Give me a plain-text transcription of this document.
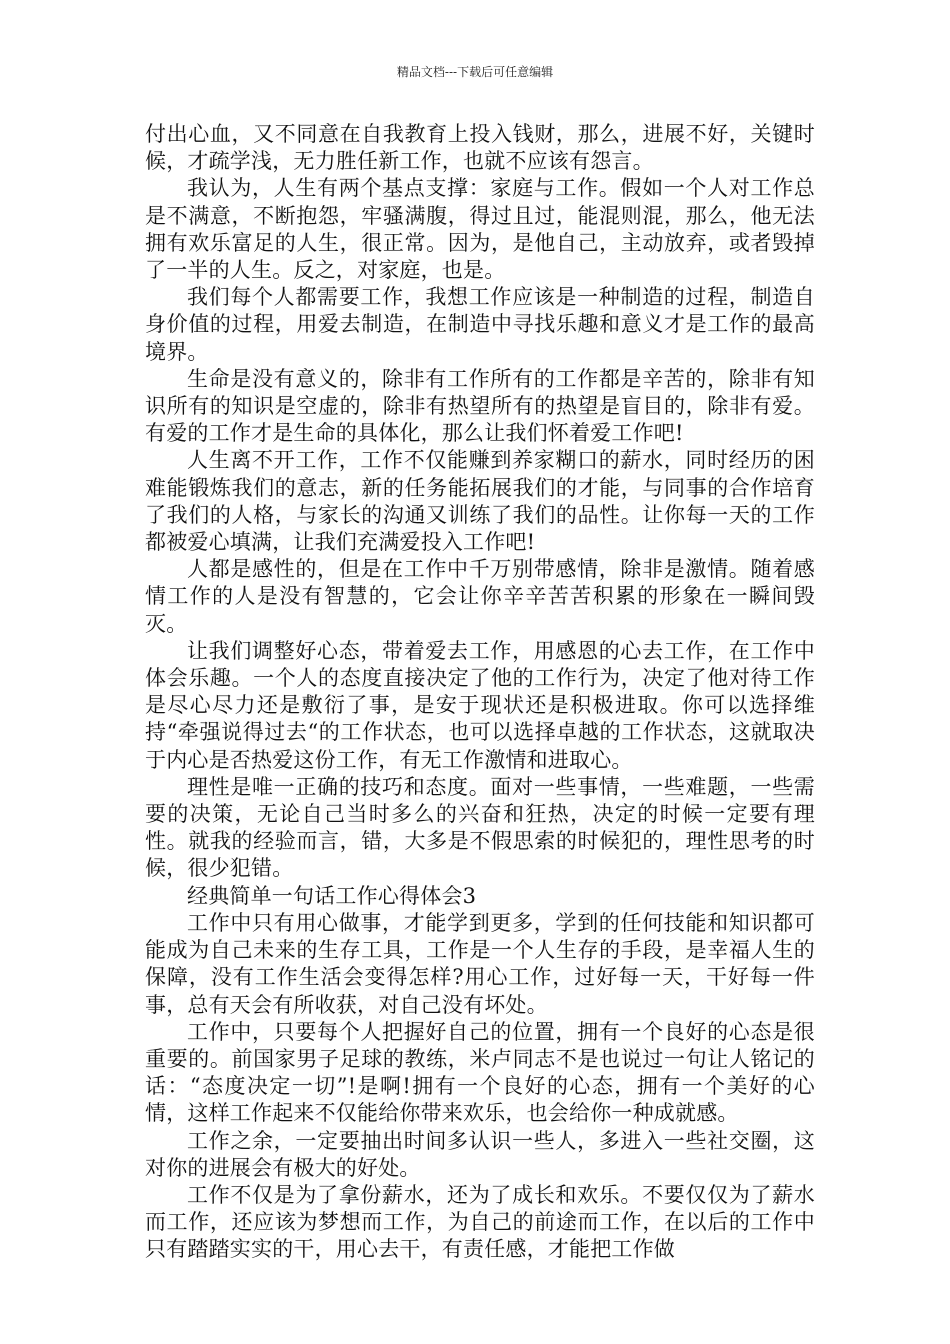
精品文档---下载后可任意编辑

付出心血，又不同意在自我教育上投入钱财，那么，进展不好，关键时候，才疏学浅，无力胜任新工作，也就不应该有怨言。

我认为，人生有两个基点支撑：家庭与工作。假如一个人对工作总是不满意，不断抱怨，牢骚满腹，得过且过，能混则混，那么，他无法拥有欢乐富足的人生，很正常。因为，是他自己，主动放弃，或者毁掉了一半的人生。反之，对家庭，也是。

我们每个人都需要工作，我想工作应该是一种制造的过程，制造自身价值的过程，用爱去制造，在制造中寻找乐趣和意义才是工作的最高境界。

生命是没有意义的，除非有工作所有的工作都是辛苦的，除非有知识所有的知识是空虚的，除非有热望所有的热望是盲目的，除非有爱。有爱的工作才是生命的具体化，那么让我们怀着爱工作吧!

人生离不开工作，工作不仅能赚到养家糊口的薪水，同时经历的困难能锻炼我们的意志，新的任务能拓展我们的才能，与同事的合作培育了我们的人格，与家长的沟通又训练了我们的品性。让你每一天的工作都被爱心填满，让我们充满爱投入工作吧!

人都是感性的，但是在工作中千万别带感情，除非是激情。随着感情工作的人是没有智慧的，它会让你辛辛苦苦积累的形象在一瞬间毁灭。

让我们调整好心态，带着爱去工作，用感恩的心去工作，在工作中体会乐趣。一个人的态度直接决定了他的工作行为，决定了他对待工作是尽心尽力还是敷衍了事，是安于现状还是积极进取。你可以选择维持“牵强说得过去“的工作状态，也可以选择卓越的工作状态，这就取决于内心是否热爱这份工作，有无工作激情和进取心。

理性是唯一正确的技巧和态度。面对一些事情，一些难题，一些需要的决策，无论自己当时多么的兴奋和狂热，决定的时候一定要有理性。就我的经验而言，错，大多是不假思索的时候犯的，理性思考的时候，很少犯错。

经典简单一句话工作心得体会3

工作中只有用心做事，才能学到更多，学到的任何技能和知识都可能成为自己未来的生存工具，工作是一个人生存的手段，是幸福人生的保障，没有工作生活会变得怎样?用心工作，过好每一天，干好每一件事，总有天会有所收获，对自己没有坏处。

工作中，只要每个人把握好自己的位置，拥有一个良好的心态是很重要的。前国家男子足球的教练，米卢同志不是也说过一句让人铭记的话：“态度决定一切”!是啊!拥有一个良好的心态，拥有一个美好的心情，这样工作起来不仅能给你带来欢乐，也会给你一种成就感。

工作之余，一定要抽出时间多认识一些人，多进入一些社交圈，这对你的进展会有极大的好处。

工作不仅是为了拿份薪水，还为了成长和欢乐。不要仅仅为了薪水而工作，还应该为梦想而工作，为自己的前途而工作，在以后的工作中只有踏踏实实的干，用心去干，有责任感，才能把工作做
